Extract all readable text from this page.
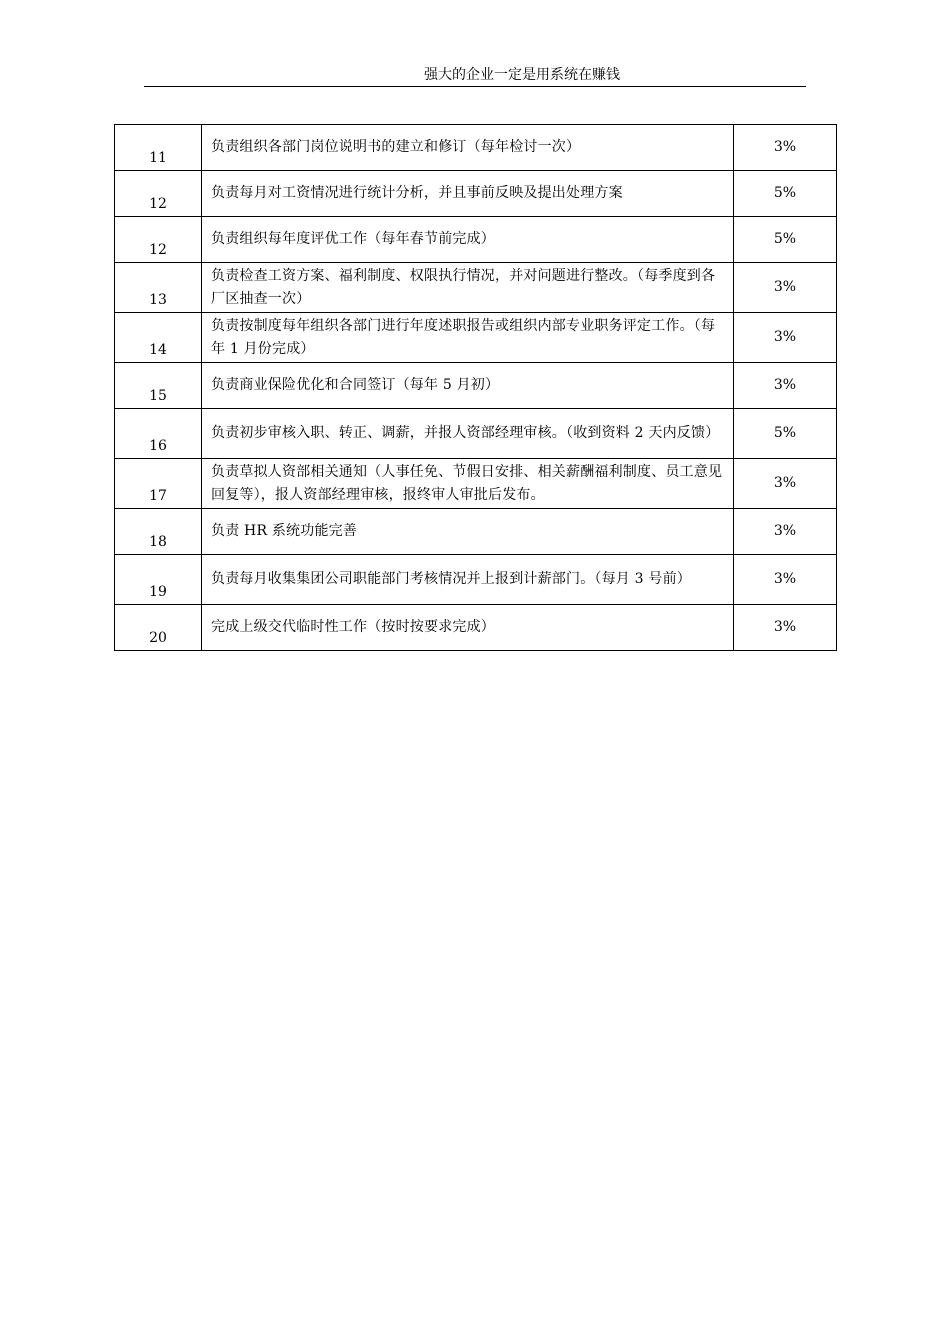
强大的企业一定是用系统在赚钱
11	负责组织各部门岗位说明书的建立和修订（每年检讨一次）	3%
12	负责每月对工资情况进行统计分析，并且事前反映及提出处理方案	5%
12	负责组织每年度评优工作（每年春节前完成）	5%
13	负责检查工资方案、福利制度、权限执行情况，并对问题进行整改。（每季度到各厂区抽查一次）	3%
14	负责按制度每年组织各部门进行年度述职报告或组织内部专业职务评定工作。（每年 1 月份完成）	3%
15	负责商业保险优化和合同签订（每年 5 月初）	3%
16	负责初步审核入职、转正、调薪，并报人资部经理审核。（收到资料 2 天内反馈）	5%
17	负责草拟人资部相关通知（人事任免、节假日安排、相关薪酬福利制度、员工意见回复等），报人资部经理审核，报终审人审批后发布。	3%
18	负责 HR 系统功能完善	3%
19	负责每月收集集团公司职能部门考核情况并上报到计薪部门。（每月 3 号前）	3%
20	完成上级交代临时性工作（按时按要求完成）	3%
